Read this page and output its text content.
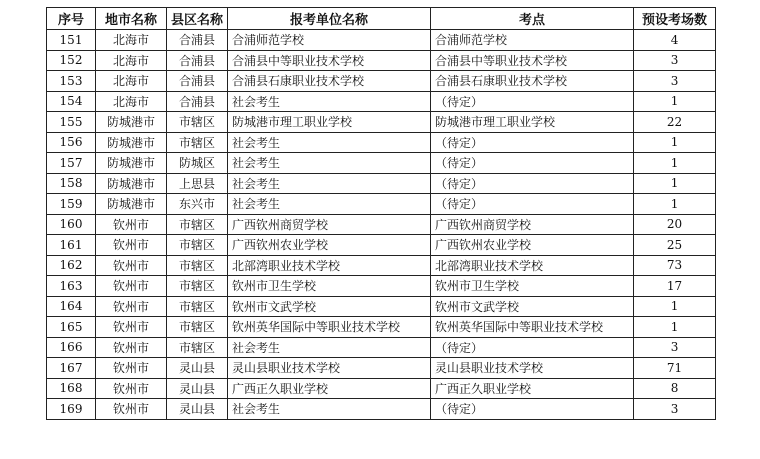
序号	地市名称	县区名称	报考单位名称	考点	预设考场数
151	北海市	合浦县	合浦师范学校	合浦师范学校	4
152	北海市	合浦县	合浦县中等职业技术学校	合浦县中等职业技术学校	3
153	北海市	合浦县	合浦县石康职业技术学校	合浦县石康职业技术学校	3
154	北海市	合浦县	社会考生	（待定）	1
155	防城港市	市辖区	防城港市理工职业学校	防城港市理工职业学校	22
156	防城港市	市辖区	社会考生	（待定）	1
157	防城港市	防城区	社会考生	（待定）	1
158	防城港市	上思县	社会考生	（待定）	1
159	防城港市	东兴市	社会考生	（待定）	1
160	钦州市	市辖区	广西钦州商贸学校	广西钦州商贸学校	20
161	钦州市	市辖区	广西钦州农业学校	广西钦州农业学校	25
162	钦州市	市辖区	北部湾职业技术学校	北部湾职业技术学校	73
163	钦州市	市辖区	钦州市卫生学校	钦州市卫生学校	17
164	钦州市	市辖区	钦州市文武学校	钦州市文武学校	1
165	钦州市	市辖区	钦州英华国际中等职业技术学校	钦州英华国际中等职业技术学校	1
166	钦州市	市辖区	社会考生	（待定）	3
167	钦州市	灵山县	灵山县职业技术学校	灵山县职业技术学校	71
168	钦州市	灵山县	广西正久职业学校	广西正久职业学校	8
169	钦州市	灵山县	社会考生	（待定）	3
